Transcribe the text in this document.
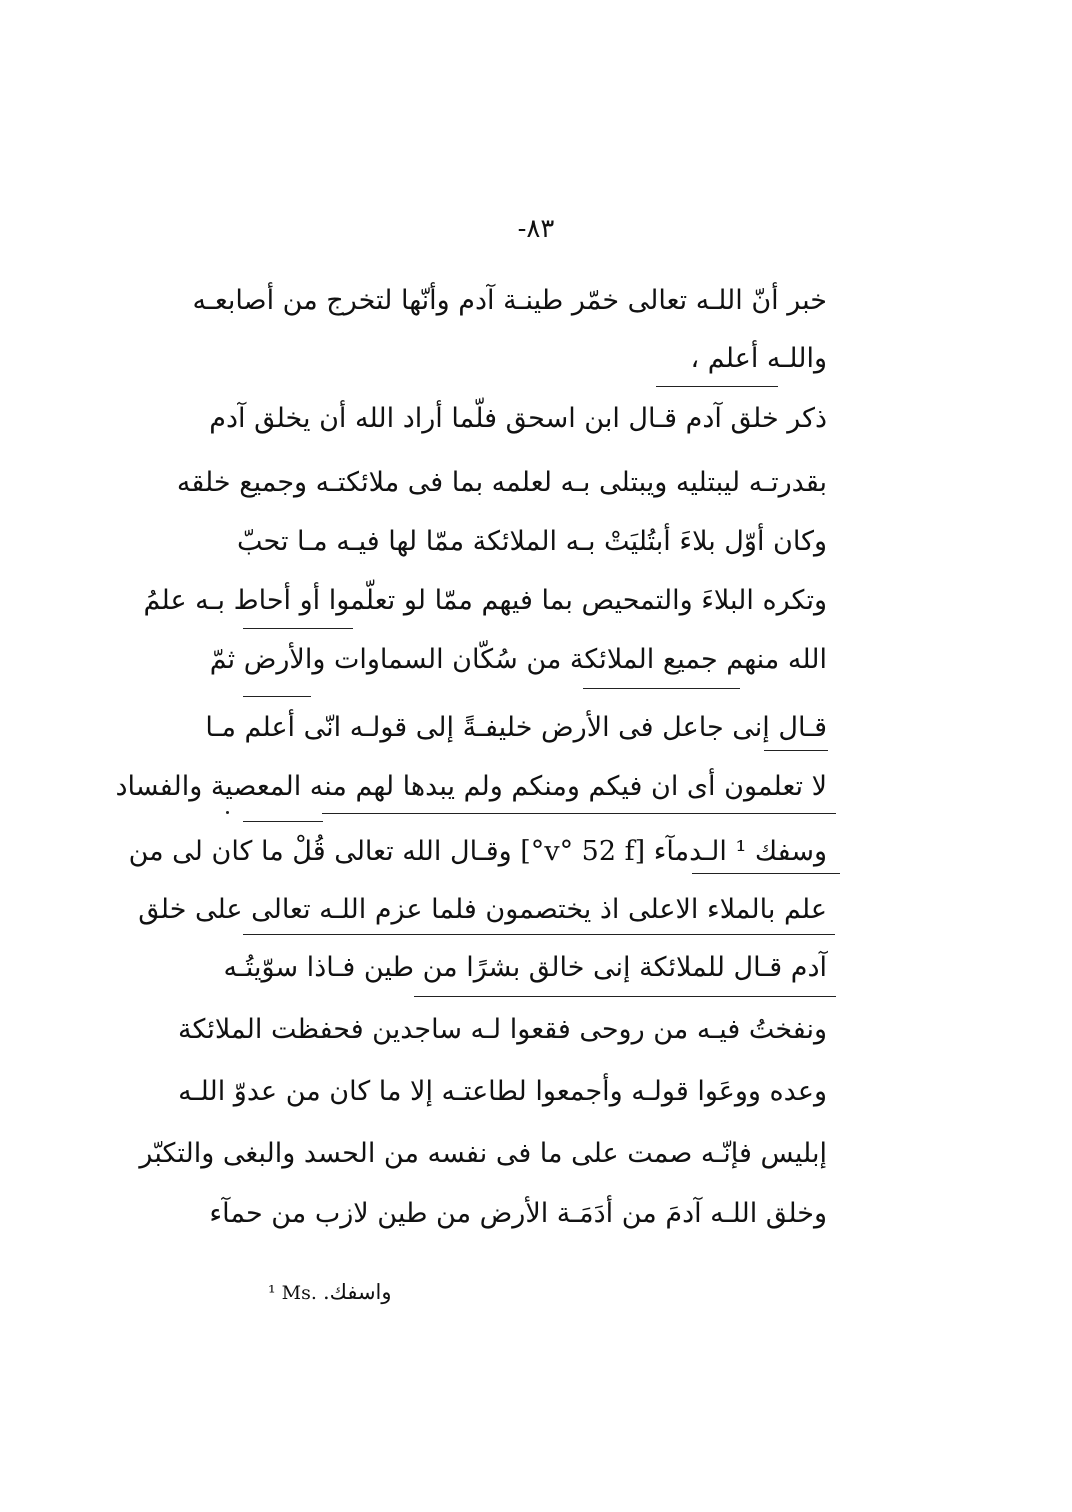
٨٣-
خبر أنّ اللـه تعالى خمّر طينـة آدم وأنّها لتخرج من أصابعـه
واللـه أعلم ،
ذكر خلق آدم قـال ابن اسحق فلّما أراد الله أن يخلق آدم
بقدرتـه ليبتليه ويبتلى بـه لعلمه بما فى ملائكتـه وجميع خلقه
وكان أوّل بلاءَ أبتُليَتْ بـه الملائكة ممّا لها فيـه مـا تحبّ
وتكره البلاءَ والتمحيص بما فيهم ممّا لو تعلّموا أو أحاط بـه علمُ
الله منهم جميع الملائكة من سُكّان السماوات والأرض ثمّ
قـال إنى جاعل فى الأرض خليفـةً إلى قولـه انّى أعلم مـا
لا تعلمون أى ان فيكم ومنكم ولم يبدها لهم منه المعصية والفساد
وسفك ¹ الـدمآء [v° 52 f°] وقـال الله تعالى قُلْ ما كان لى من
علم بالملاء الاعلى اذ يختصمون فلما عزم اللـه تعالى على خلق
آدم قـال للملائكة إنى خالق بشرًا من طين فـاذا سوّيتُـه
ونفختُ فيـه من روحى فقعوا لـه ساجدين فحفظت الملائكة
وعده ووعَوا قولـه وأجمعوا لطاعتـه إلا ما كان من عدوّ اللـه
إبليس فإنّـه صمت على ما فى نفسه من الحسد والبغى والتكبّر
وخلق اللـه آدمَ من أدَمَـة الأرض من طين لازب من حمآء
¹ Ms. واسفك.
